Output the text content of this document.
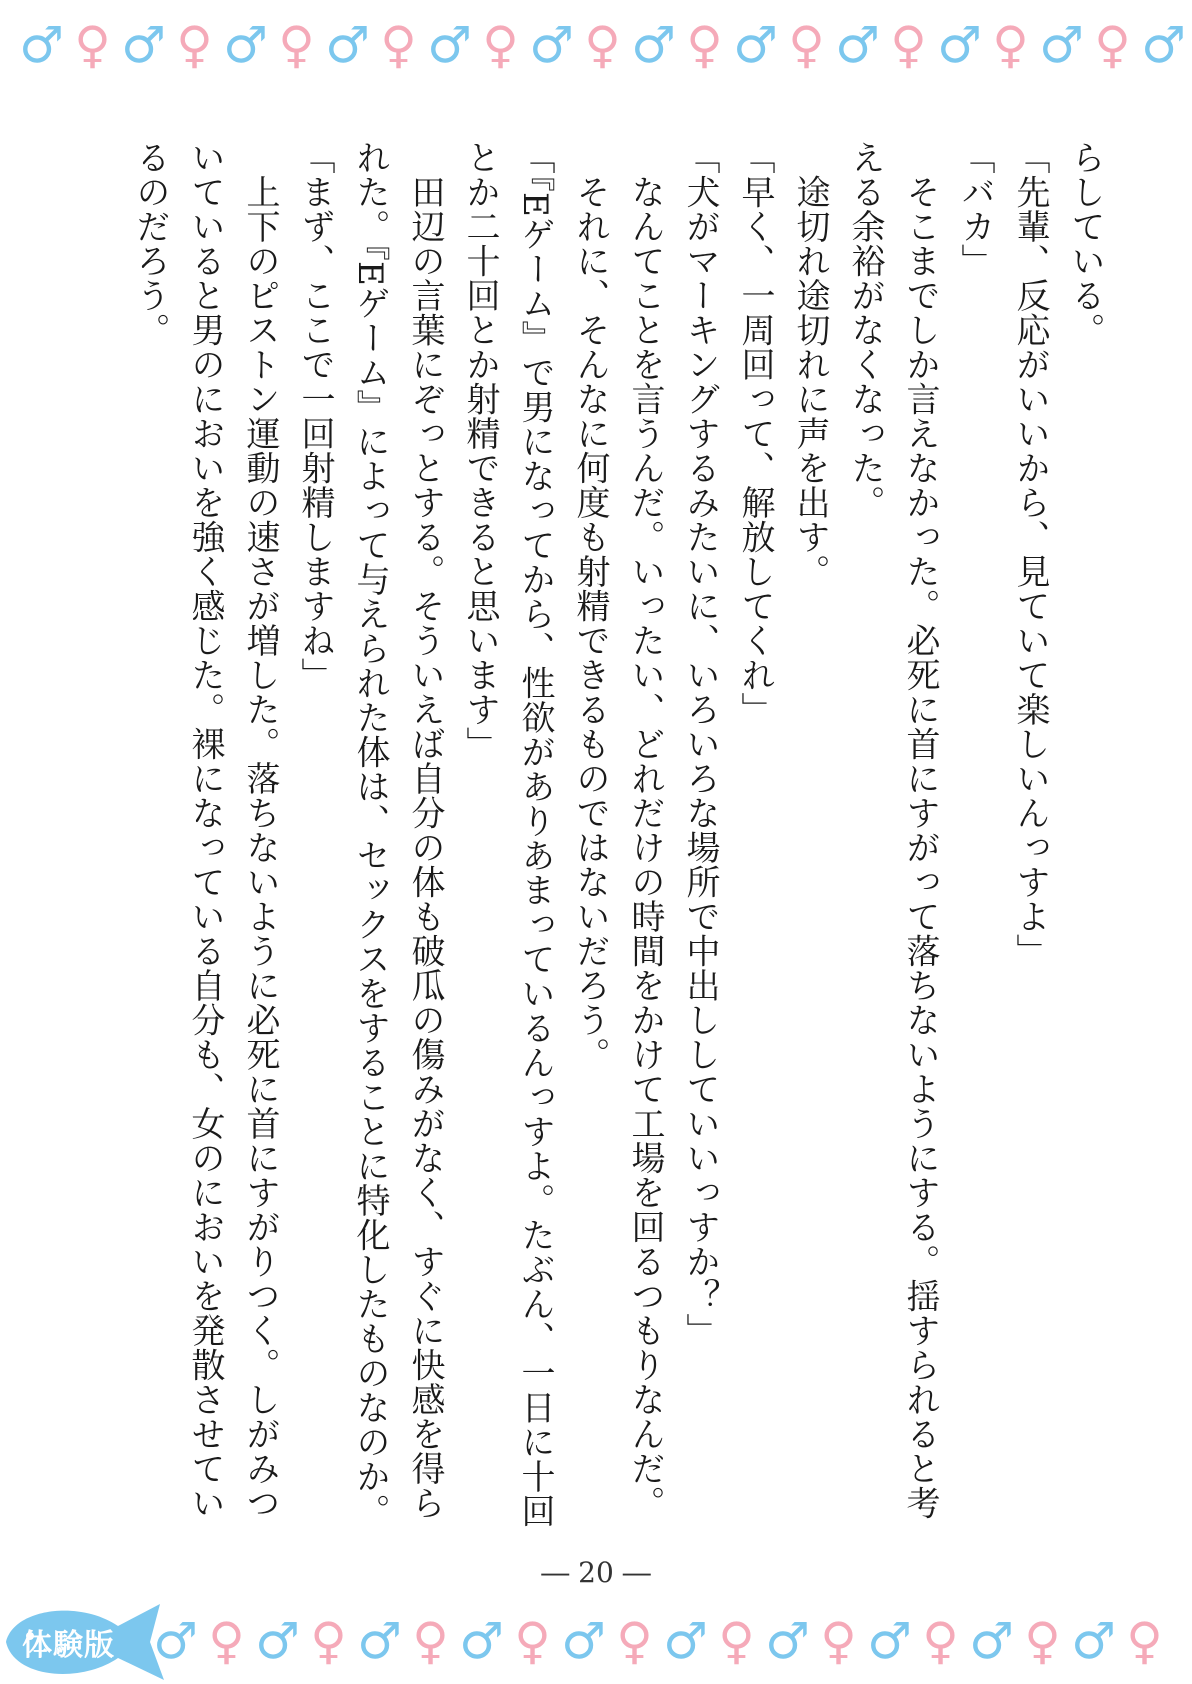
♂ ♀ ♂ ♀ ♂ ♀ ♂ ♀ ♂ ♀ ♂ ♀ ♂ ♀ ♂ ♀ ♂ ♀ ♂ ♀ ♂ ♀ ♂

らしている。

「先輩、反応がいいから、見ていて楽しいんっすよ」

「バカ」

　そこまでしか言えなかった。必死に首にすがって落ちないようにする。揺すられると考える余裕がなくなった。

　途切れ途切れに声を出す。

「早く、一周回って、解放してくれ」

「犬がマーキングするみたいに、いろいろな場所で中出ししていいっすか？」

　なんてことを言うんだ。いったい、どれだけの時間をかけて工場を回るつもりなんだ。

　それに、そんなに何度も射精できるものではないだろう。

「『Eゲーム』で男になってから、性欲がありあまっているんっすよ。たぶん、一日に十回とか二十回とか射精できると思います」

　田辺の言葉にぞっとする。そういえば自分の体も破瓜の傷みがなく、すぐに快感を得られた。『Eゲーム』によって与えられた体は、セックスをすることに特化したものなのか。

「まず、ここで一回射精しますね」

　上下のピストン運動の速さが増した。落ちないように必死に首にすがりつく。しがみついていると男のにおいを強く感じた。裸になっている自分も、女のにおいを発散させているのだろう。

― 20 ―
体験版 ♂ ♀ ♂ ♀ ♂ ♀ ♂ ♀ ♂ ♀ ♂ ♀ ♂ ♀ ♂ ♀ ♂ ♀ ♂ ♀
